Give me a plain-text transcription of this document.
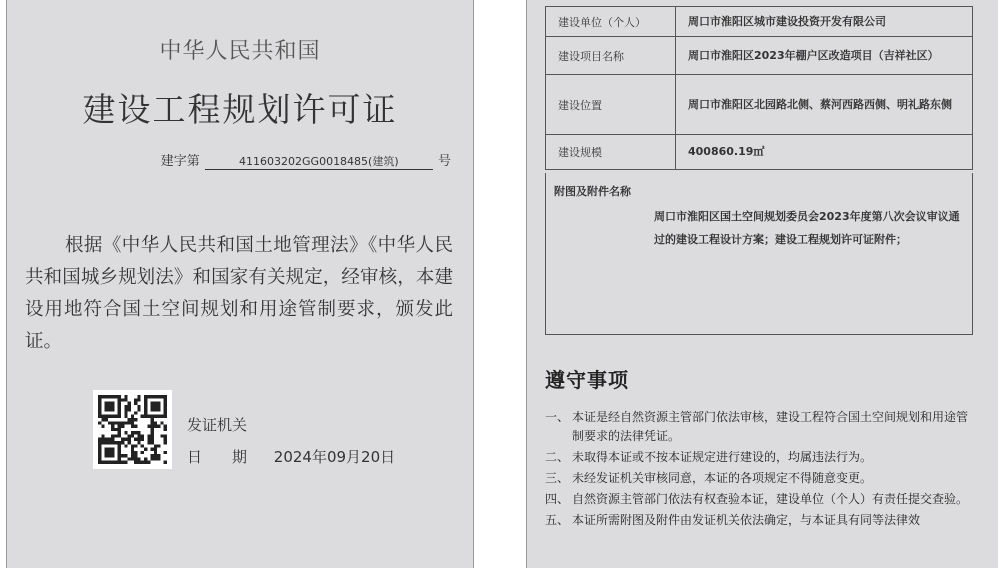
中华人民共和国
建设工程规划许可证
建字第	411603202GG0018485(建筑)	号

根据《中华人民共和国土地管理法》《中华人民共和国城乡规划法》和国家有关规定，经审核，本建设用地符合国土空间规划和用途管制要求，颁发此证。

发证机关
日　　期 2024年09月20日
建设单位（个人）	周口市淮阳区城市建设投资开发有限公司
建设项目名称	周口市淮阳区2023年棚户区改造项目（吉祥社区）
建设位置	周口市淮阳区北园路北侧、蔡河西路西侧、明礼路东侧
建设规模	400860.19㎡
附图及附件名称
周口市淮阳区国土空间规划委员会2023年度第八次会议审议通过的建设工程设计方案；建设工程规划许可证附件；
遵守事项
一、 本证是经自然资源主管部门依法审核，建设工程符合国土空间规划和用途管制要求的法律凭证。
二、 未取得本证或不按本证规定进行建设的，均属违法行为。
三、 未经发证机关审核同意，本证的各项规定不得随意变更。
四、 自然资源主管部门依法有权查验本证，建设单位（个人）有责任提交查验。
五、 本证所需附图及附件由发证机关依法确定，与本证具有同等法律效
